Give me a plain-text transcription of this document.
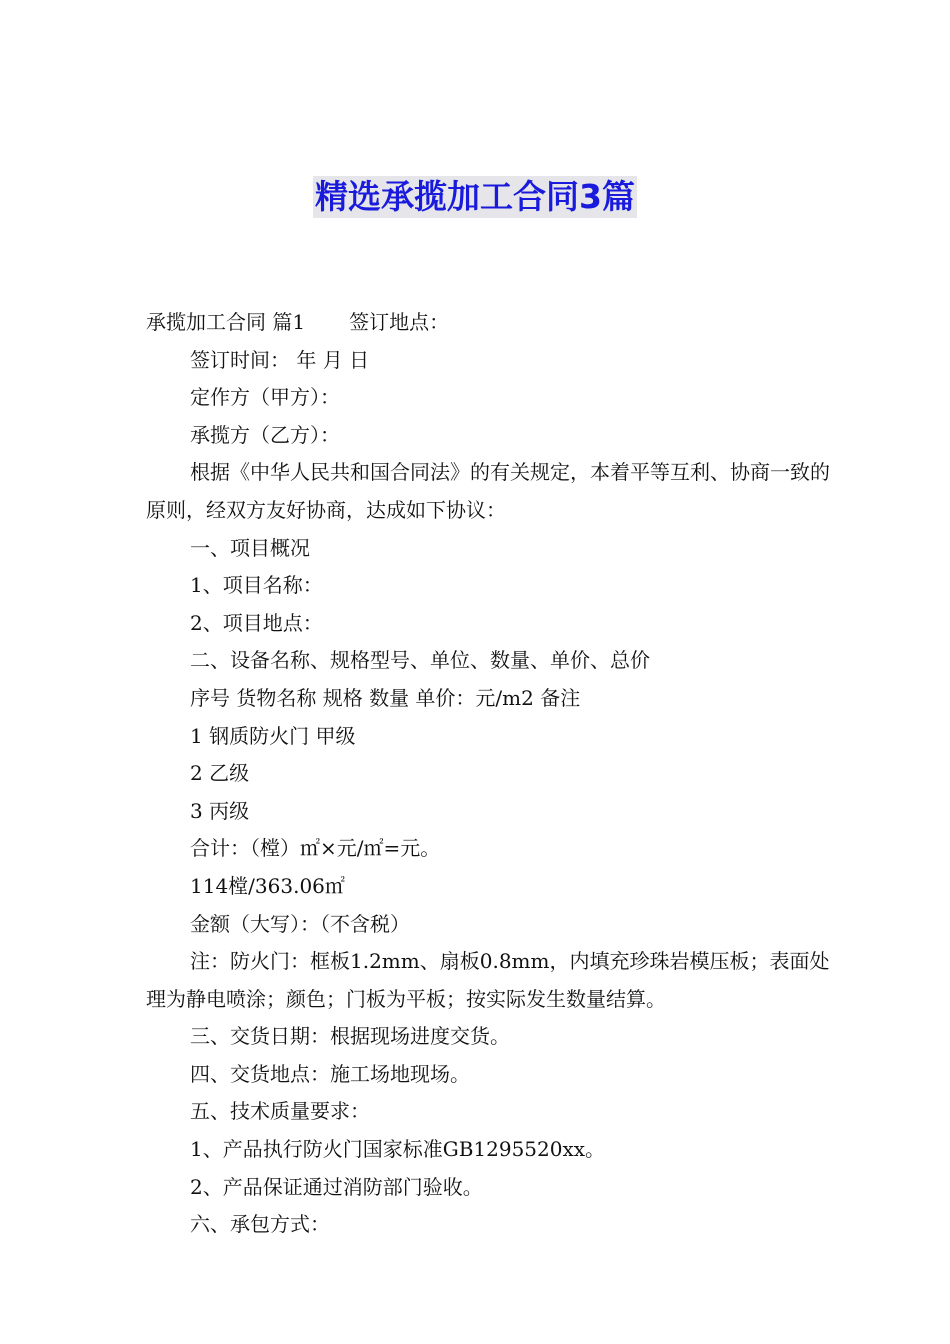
精选承揽加工合同3篇

承揽加工合同 篇1 签订地点：

签订时间： 年 月 日

定作方（甲方）：

承揽方（乙方）：

根据《中华人民共和国合同法》的有关规定，本着平等互利、协商一致的原则，经双方友好协商，达成如下协议：

一、项目概况

1、项目名称：

2、项目地点：

二、设备名称、规格型号、单位、数量、单价、总价

序号 货物名称 规格 数量 单价：元/m2 备注

1 钢质防火门 甲级

2 乙级

3 丙级

合计：（樘）㎡×元/㎡=元。

114樘/363.06㎡

金额（大写）：（不含税）

注：防火门：框板1.2mm、扇板0.8mm，内填充珍珠岩模压板；表面处理为静电喷涂；颜色；门板为平板；按实际发生数量结算。

三、交货日期：根据现场进度交货。

四、交货地点：施工场地现场。

五、技术质量要求：

1、产品执行防火门国家标准GB1295520xx。

2、产品保证通过消防部门验收。

六、承包方式：
